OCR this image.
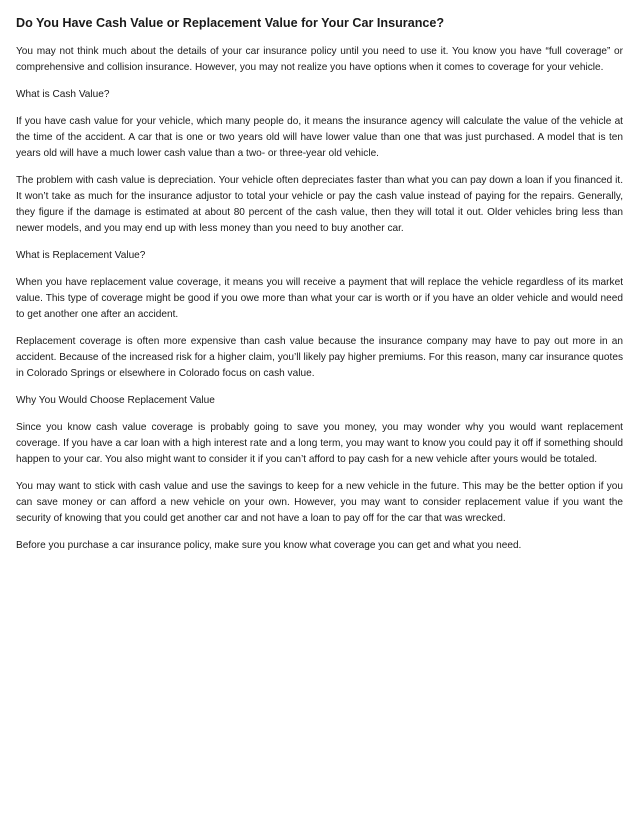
Do You Have Cash Value or Replacement Value for Your Car Insurance?

You may not think much about the details of your car insurance policy until you need to use it. You know you have “full coverage” or comprehensive and collision insurance. However, you may not realize you have options when it comes to coverage for your vehicle.

What is Cash Value?

If you have cash value for your vehicle, which many people do, it means the insurance agency will calculate the value of the vehicle at the time of the accident. A car that is one or two years old will have lower value than one that was just purchased. A model that is ten years old will have a much lower cash value than a two- or three-year old vehicle.

The problem with cash value is depreciation. Your vehicle often depreciates faster than what you can pay down a loan if you financed it. It won’t take as much for the insurance adjustor to total your vehicle or pay the cash value instead of paying for the repairs. Generally, they figure if the damage is estimated at about 80 percent of the cash value, then they will total it out. Older vehicles bring less than newer models, and you may end up with less money than you need to buy another car.

What is Replacement Value?

When you have replacement value coverage, it means you will receive a payment that will replace the vehicle regardless of its market value. This type of coverage might be good if you owe more than what your car is worth or if you have an older vehicle and would need to get another one after an accident.

Replacement coverage is often more expensive than cash value because the insurance company may have to pay out more in an accident. Because of the increased risk for a higher claim, you’ll likely pay higher premiums. For this reason, many car insurance quotes in Colorado Springs or elsewhere in Colorado focus on cash value.

Why You Would Choose Replacement Value

Since you know cash value coverage is probably going to save you money, you may wonder why you would want replacement coverage. If you have a car loan with a high interest rate and a long term, you may want to know you could pay it off if something should happen to your car. You also might want to consider it if you can’t afford to pay cash for a new vehicle after yours would be totaled.

You may want to stick with cash value and use the savings to keep for a new vehicle in the future. This may be the better option if you can save money or can afford a new vehicle on your own. However, you may want to consider replacement value if you want the security of knowing that you could get another car and not have a loan to pay off for the car that was wrecked.

Before you purchase a car insurance policy, make sure you know what coverage you can get and what you need.
